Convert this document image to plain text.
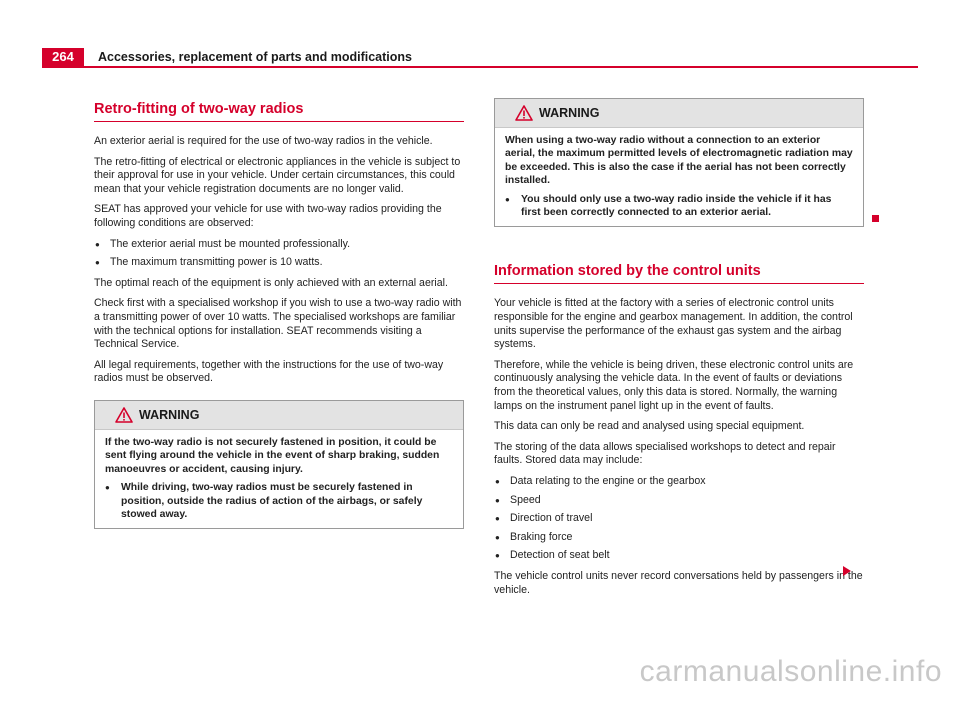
264	Accessories, replacement of parts and modifications
Retro-fitting of two-way radios

An exterior aerial is required for the use of two-way radios in the vehicle.

The retro-fitting of electrical or electronic appliances in the vehicle is subject to their approval for use in your vehicle. Under certain circumstances, this could mean that your vehicle registration documents are no longer valid.

SEAT has approved your vehicle for use with two-way radios providing the following conditions are observed:

● The exterior aerial must be mounted professionally.
● The maximum transmitting power is 10 watts.

The optimal reach of the equipment is only achieved with an external aerial.

Check first with a specialised workshop if you wish to use a two-way radio with a transmitting power of over 10 watts. The specialised workshops are familiar with the technical options for installation. SEAT recommends visiting a Technical Service.

All legal requirements, together with the instructions for the use of two-way radios must be observed.

WARNING

If the two-way radio is not securely fastened in position, it could be sent flying around the vehicle in the event of sharp braking, sudden manoeuvres or accident, causing injury.

● While driving, two-way radios must be securely fastened in position, outside the radius of action of the airbags, or safely stowed away.

WARNING

When using a two-way radio without a connection to an exterior aerial, the maximum permitted levels of electromagnetic radiation may be exceeded. This is also the case if the aerial has not been correctly installed.

● You should only use a two-way radio inside the vehicle if it has first been correctly connected to an exterior aerial.

Information stored by the control units

Your vehicle is fitted at the factory with a series of electronic control units responsible for the engine and gearbox management. In addition, the control units supervise the performance of the exhaust gas system and the airbag systems.

Therefore, while the vehicle is being driven, these electronic control units are continuously analysing the vehicle data. In the event of faults or deviations from the theoretical values, only this data is stored. Normally, the warning lamps on the instrument panel light up in the event of faults.

This data can only be read and analysed using special equipment.

The storing of the data allows specialised workshops to detect and repair faults. Stored data may include:

● Data relating to the engine or the gearbox
● Speed
● Direction of travel
● Braking force
● Detection of seat belt

The vehicle control units never record conversations held by passengers in the vehicle.

carmanualsonline.info
